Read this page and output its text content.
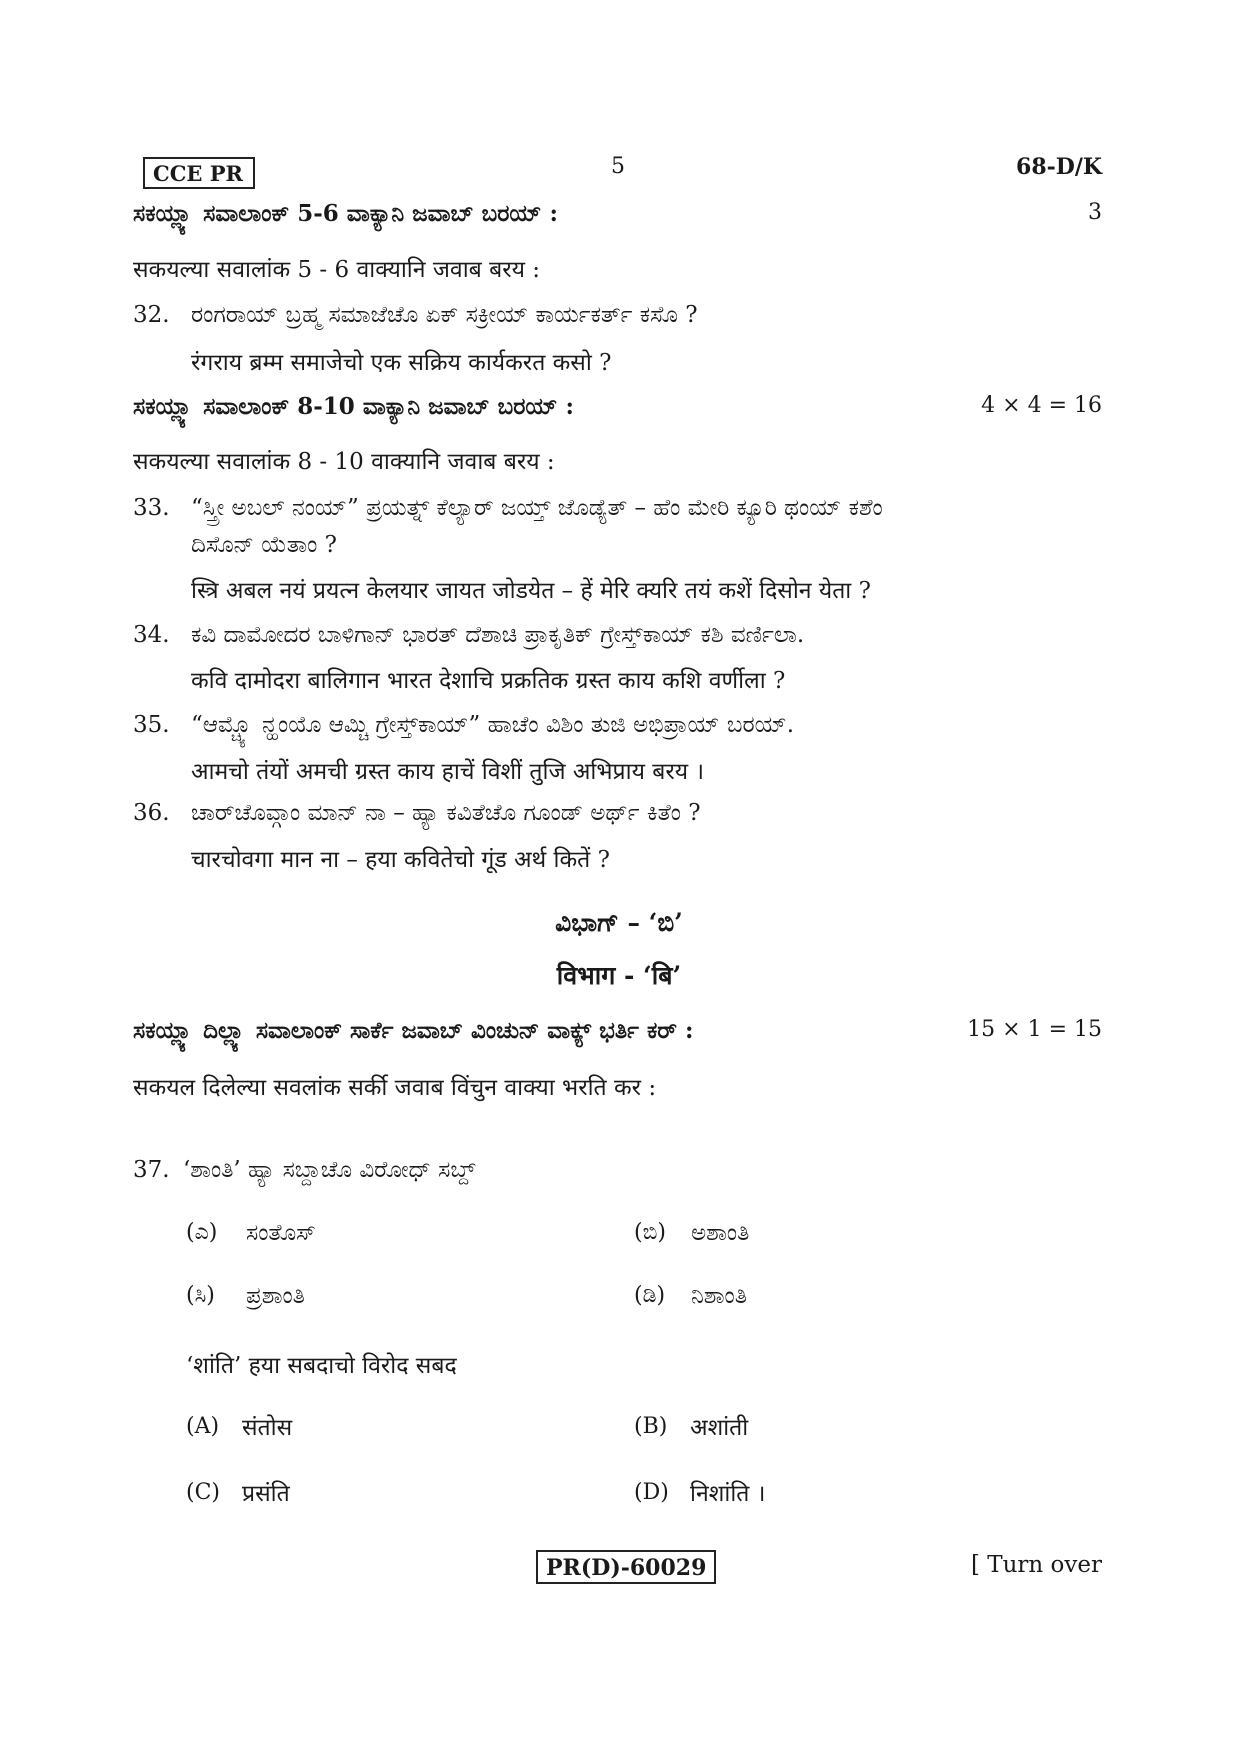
CCE PR	5	68-D/K
ಸಕಯ್ಲ್ಯಾ ಸವಾಲಾಂಕ್ 5-6 ವಾಕ್ಯಾನಿ ಜವಾಬ್ ಬರಯ್ :	3
सकयल्या सवालांक 5 - 6 वाक्यानि जवाब बरय :
32. ರಂಗರಾಯ್ ಬ್ರಹ್ಮ ಸಮಾಜೆಚೊ ಏಕ್ ಸಕ್ರೀಯ್ ಕಾರ್ಯಕರ್ತ್ ಕಸೊ ?
रंगराय ब्रम्म समाजेचो एक सक्रिय कार्यकरत कसो ?
ಸಕಯ್ಲ್ಯಾ ಸವಾಲಾಂಕ್ 8-10 ವಾಕ್ಯಾನಿ ಜವಾಬ್ ಬರಯ್ :	4 × 4 = 16
सकयल्या सवालांक 8 - 10 वाक्यानि जवाब बरय :
33. “ಸ್ತ್ರೀ ಅಬಲ್ ನಂಯ್” ಪ್ರಯತ್ನ್ ಕೆಲ್ಯಾರ್ ಜಯ್ತ್ ಜೊಡ್ಯೆತ್ – ಹೆಂ ಮೇರಿ ಕ್ಯೂರಿ ಥಂಯ್ ಕಶೆಂ
ದಿಸೊನ್ ಯೆತಾಂ ?
स्त्रि अबल नयं प्रयत्न केलयार जायत जोडयेत – हें मेरि क्यरि तयं कशें दिसोन येता ?
34. ಕವಿ ದಾಮೋದರ ಬಾಳಿಗಾನ್ ಭಾರತ್ ದೆಶಾಚಿ ಪ್ರಾಕೃತಿಕ್ ಗ್ರೇಸ್ತ್‌ಕಾಯ್ ಕಶಿ ವರ್ಣಿಲಾ.
कवि दामोदरा बालिगान भारत देशाचि प्रक्रतिक ग्रस्त काय कशि वर्णीला ?
35. “ಆಮ್ಚ್ಯೊ ನ್ಹಂಯೊ ಆಮ್ಚಿ ಗ್ರೇಸ್ತ್‌ಕಾಯ್” ಹಾಚೆಂ ವಿಶಿಂ ತುಜಿ ಅಭಿಪ್ರಾಯ್ ಬರಯ್.
आमचो तंयों अमची ग्रस्त काय हाचें विशीं तुजि अभिप्राय बरय ।
36. ಚಾರ್‌ಚೊವ್ಗಾಂ ಮಾನ್ ನಾ – ಹ್ಯಾ ಕವಿತೆಚೊ ಗೂಂಡ್ ಅರ್ಥ್ ಕಿತೆಂ ?
चारचोवगा मान ना – हया कवितेचो गूंड अर्थ कितें ?
ವಿಭಾಗ್ – ‘ಬಿ’
विभाग - ‘बि’
ಸಕಯ್ಲ್ಯಾ ದಿಲ್ಲ್ಯಾ ಸವಾಲಾಂಕ್ ಸಾರ್ಕೆ ಜವಾಬ್ ವಿಂಚುನ್ ವಾಕ್ಯ್ ಭರ್ತಿ ಕರ್ :	15 × 1 = 15
सकयल दिलेल्या सवलांक सर्की जवाब विंचुन वाक्या भरति कर :
37. ‘ಶಾಂತಿ’ ಹ್ಯಾ ಸಬ್ದಾಚೊ ವಿರೋಧ್ ಸಬ್ದ್
(ಎ) ಸಂತೊಸ್	(ಬಿ) ಅಶಾಂತಿ
(ಸಿ) ಪ್ರಶಾಂತಿ	(ಡಿ) ನಿಶಾಂತಿ
‘शांति’ हया सबदाचो विरोद सबद
(A) संतोस	(B) अशांती
(C) प्रसंति	(D) निशांति ।
PR(D)-60029	[ Turn over
